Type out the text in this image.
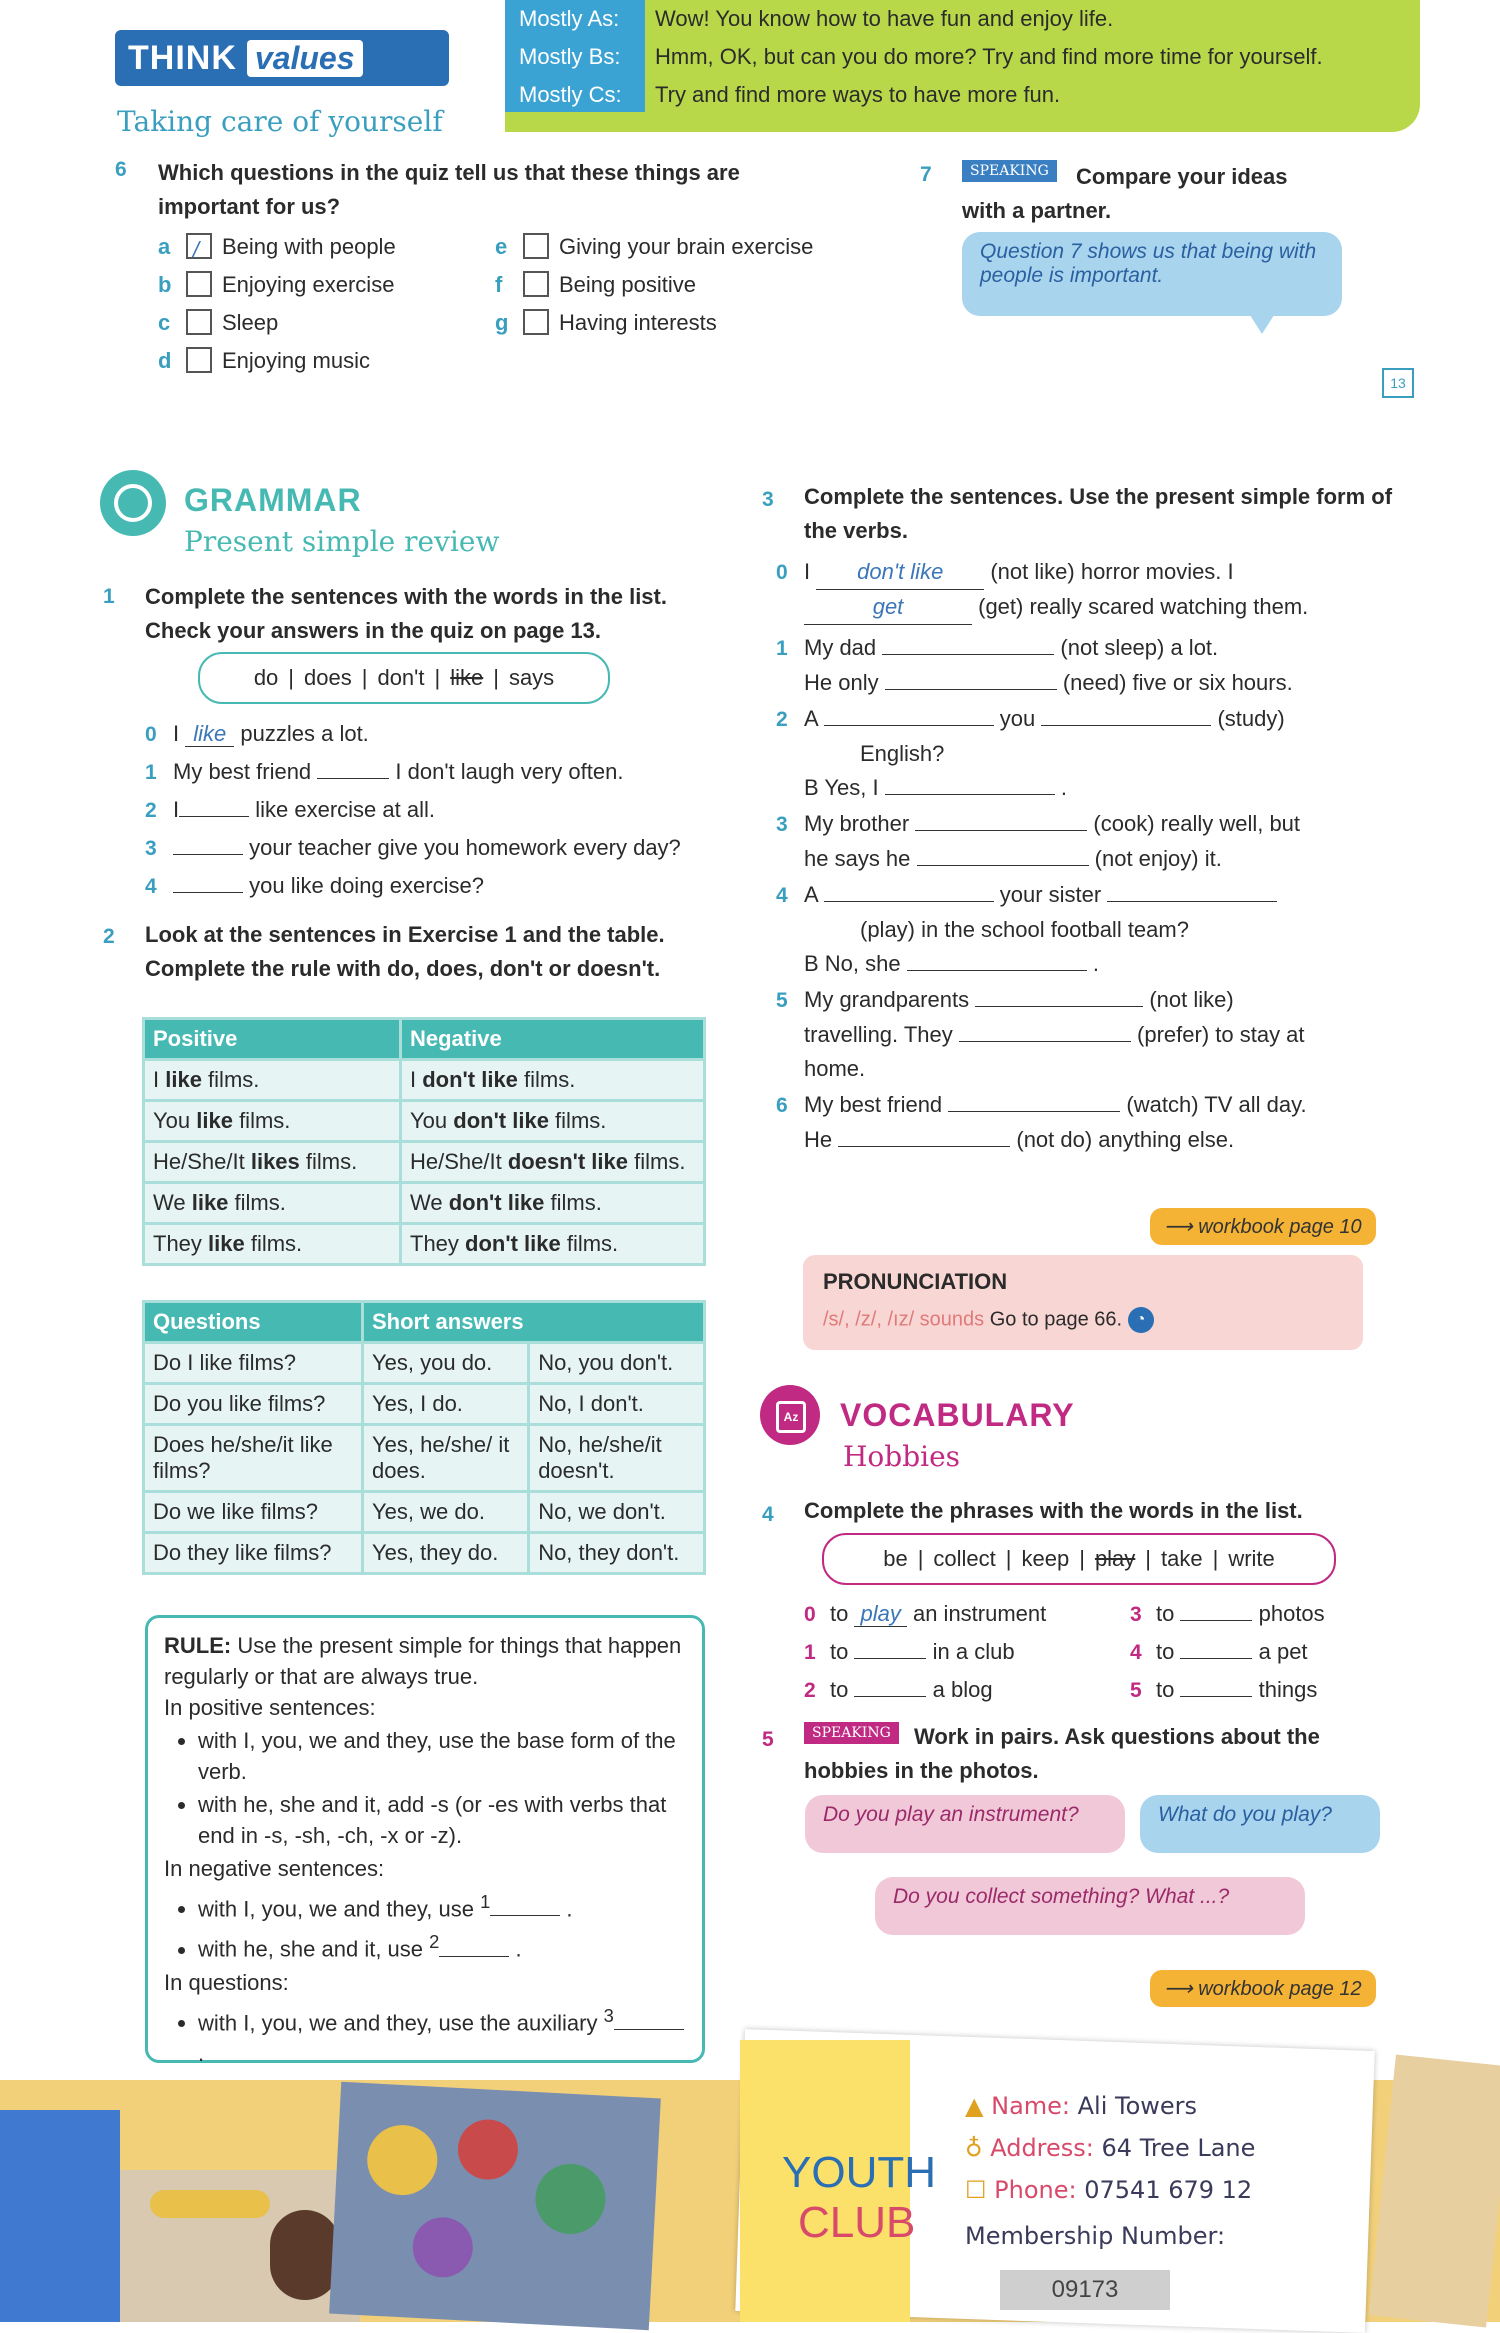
Mostly As:	Wow! You know how to have fun and enjoy life.
Mostly Bs:	Hmm, OK, but can you do more? Try and find more time for yourself.
Mostly Cs:	Try and find more ways to have more fun.
THINK values
Taking care of yourself
6 Which questions in the quiz tell us that these things are important for us?
a / Being with people
b Enjoying exercise
c Sleep
d Enjoying music
e Giving your brain exercise
f	Being positive
g Having interests
7	SPEAKING	Compare your ideas with a partner.
Question 7 shows us that being with people is important.
13
GRAMMAR
Present simple review
1 Complete the sentences with the words in the list. Check your answers in the quiz on page 13.
do | does | don't | like | says
0 I like puzzles a lot.
1 My best friend	I don't laugh very often.
2 I	like exercise at all.
3	your teacher give you homework every day?
4	you like doing exercise?
2 Look at the sentences in Exercise 1 and the table. Complete the rule with do, does, don't or doesn't.
Positive	Negative
I like films.	I don't like films.
You like films.	You don't like films.
He/She/It likes films.	He/She/It doesn't like films.
We like films.	We don't like films.
They like films.	They don't like films.
Questions	Short answers	
Do I like films?	Yes, you do.	No, you don't.
Do you like films?	Yes, I do.	No, I don't.
Does he/she/it like films?	Yes, he/she/ it does.	No, he/she/it doesn't.
Do we like films?	Yes, we do.	No, we don't.
Do they like films?	Yes, they do.	No, they don't.
RULE: Use the present simple for things that happen regularly or that are always true.
In positive sentences:
• with I, you, we and they, use the base form of the verb.
• with he, she and it, add -s (or -es with verbs that end in -s, -sh, -ch, -x or -z).
In negative sentences:
• with I, you, we and they, use $^1$	.
• with he, she and it, use $^2$	.
In questions:
• with I, you, we and they, use the auxiliary $^3$ .
•
3 Complete the sentences. Use the present simple form of the verbs.
0 I don't like (not like) horror movies. I
get	(get) really scared watching them.
1 My dad	(not sleep) a lot.
He only	(need) five or six hours.
2 A	you	(study)
English?
B Yes, I	.
3 My brother	(cook) really well, but
he says he	(not enjoy) it.
4 A	your sister
(play) in the school football team?
B No, she	.
5 My grandparents	(not like)
travelling. They	(prefer) to stay at
home.
6 My best friend	(watch) TV all day.
He	(not do) anything else.
⟶ workbook page 10
PRONUNCIATION
/s/, /z/, /ız/ sounds Go to page 66. ◔
Az VOCABULARY
Hobbies
4 Complete the phrases with the words in the list.
be | collect | keep | play | take | write
0 to play an instrument
1 to	in a club
2 to	a blog
3 to	photos
4 to	a pet
5 to	things
5	SPEAKING	Work in pairs. Ask questions about the hobbies in the photos.
Do you play an instrument?	What do you play?
Do you collect something? What ...?
⟶ workbook page 12
YOUTH
CLUB
▲ Name: Ali Towers
♁ Address: 64 Tree Lane
☐ Phone: 07541 679 12
Membership Number:
09173
